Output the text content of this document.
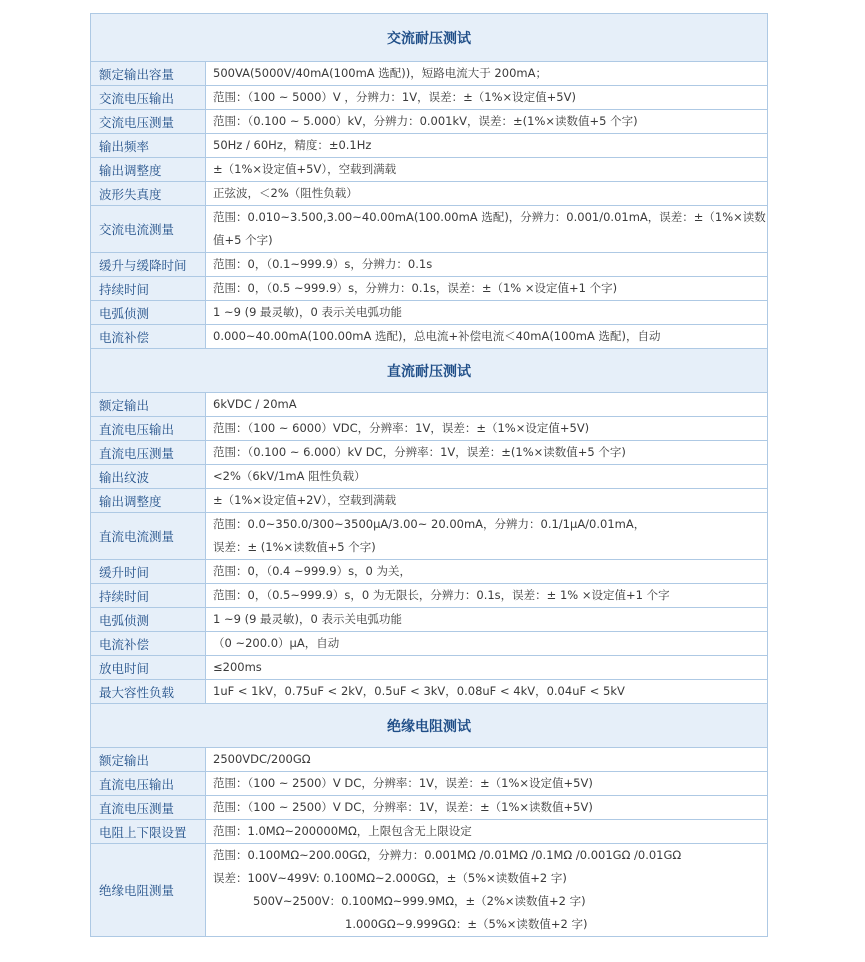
交流耐压测试	
额定输出容量	500VA(5000V/40mA(100mA 选配))，短路电流大于 200mA；

交流电压输出	范围：（100 ~ 5000）V ，分辨力：1V，误差：±（1%×设定值+5V)

交流电压测量	范围：（0.100 ~ 5.000）kV，分辨力：0.001kV，误差：±(1%×读数值+5 个字)

输出频率	50Hz / 60Hz，精度：±0.1Hz

输出调整度	±（1%×设定值+5V），空载到满载

波形失真度	正弦波，＜2%（阻性负载）

交流电流测量	范围：0.010~3.500,3.00~40.00mA(100.00mA 选配)，分辨力：0.001/0.01mA，误差：±（1%×读数
值+5 个字)

缓升与缓降时间	范围：0，（0.1~999.9）s，分辨力：0.1s

持续时间	范围：0，（0.5 ~999.9）s，分辨力：0.1s，误差：±（1% ×设定值+1 个字)

电弧侦测	1 ~9 (9 最灵敏)，0 表示关电弧功能

电流补偿	0.000~40.00mA(100.00mA 选配)，总电流+补偿电流＜40mA(100mA 选配)，自动

直流耐压测试	
额定输出	6kVDC / 20mA

直流电压输出	范围：（100 ~ 6000）VDC，分辨率：1V，误差：±（1%×设定值+5V)

直流电压测量	范围：（0.100 ~ 6.000）kV DC，分辨率：1V，误差：±(1%×读数值+5 个字)

输出纹波	<2%（6kV/1mA 阻性负载）

输出调整度	±（1%×设定值+2V），空载到满载

直流电流测量	范围：0.0~350.0/300~3500μA/3.00~ 20.00mA，分辨力：0.1/1μA/0.01mA，
误差：± (1%×读数值+5 个字)

缓升时间	范围：0，（0.4 ~999.9）s，0 为关，

持续时间	范围：0，（0.5~999.9）s，0 为无限长，分辨力：0.1s，误差：± 1% ×设定值+1 个字

电弧侦测	1 ~9 (9 最灵敏)，0 表示关电弧功能

电流补偿	（0 ~200.0）μA，自动

放电时间	≤200ms

最大容性负载	1uF < 1kV，0.75uF < 2kV，0.5uF < 3kV，0.08uF < 4kV，0.04uF < 5kV

绝缘电阻测试	
额定输出	2500VDC/200GΩ

直流电压输出	范围：（100 ~ 2500）V DC，分辨率：1V，误差：±（1%×设定值+5V)

直流电压测量	范围：（100 ~ 2500）V DC，分辨率：1V，误差：±（1%×读数值+5V)

电阻上下限设置	范围：1.0MΩ~200000MΩ，上限包含无上限设定

绝缘电阻测量	范围：0.100MΩ~200.00GΩ，分辨力：0.001MΩ /0.01MΩ /0.1MΩ /0.001GΩ /0.01GΩ
误差：100V~499V: 0.100MΩ~2.000GΩ，±（5%×读数值+2 字)
500V~2500V：0.100MΩ~999.9MΩ，±（2%×读数值+2 字)
1.000GΩ~9.999GΩ：±（5%×读数值+2 字)
